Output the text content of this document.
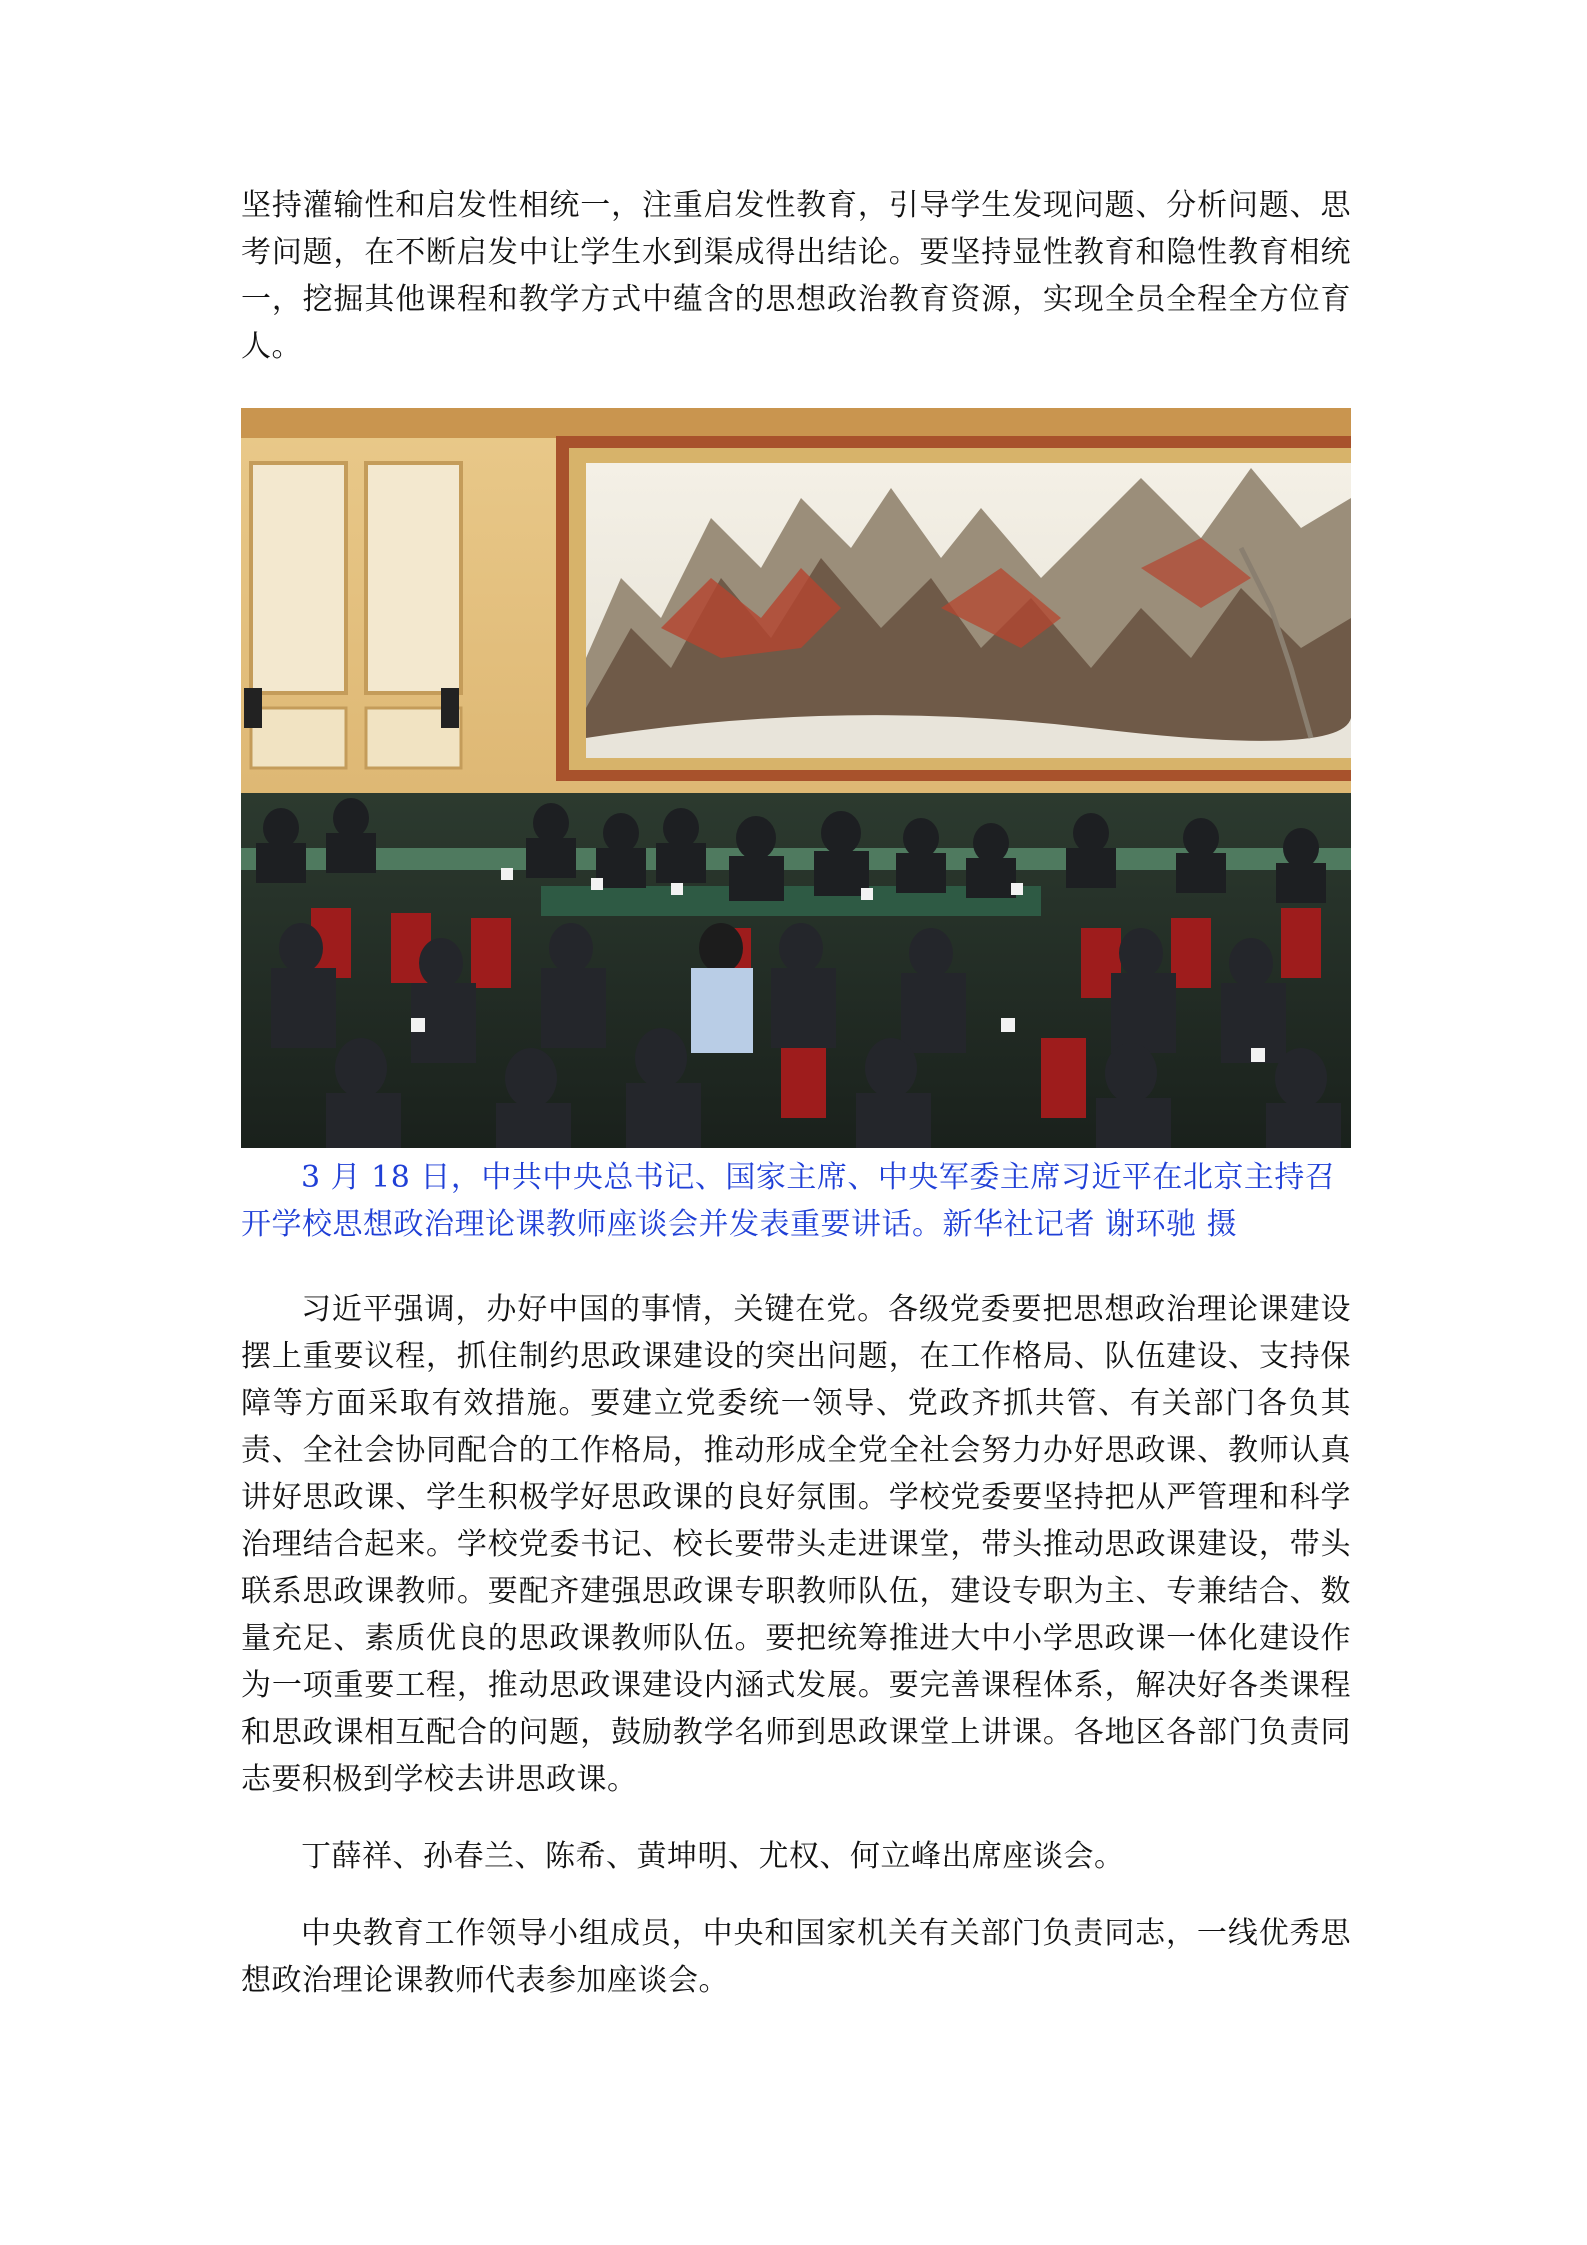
坚持灌输性和启发性相统一，注重启发性教育，引导学生发现问题、分析问题、思考问题，在不断启发中让学生水到渠成得出结论。要坚持显性教育和隐性教育相统一，挖掘其他课程和教学方式中蕴含的思想政治教育资源，实现全员全程全方位育人。

3 月 18 日，中共中央总书记、国家主席、中央军委主席习近平在北京主持召开学校思想政治理论课教师座谈会并发表重要讲话。新华社记者 谢环驰 摄

习近平强调，办好中国的事情，关键在党。各级党委要把思想政治理论课建设摆上重要议程，抓住制约思政课建设的突出问题，在工作格局、队伍建设、支持保障等方面采取有效措施。要建立党委统一领导、党政齐抓共管、有关部门各负其责、全社会协同配合的工作格局，推动形成全党全社会努力办好思政课、教师认真讲好思政课、学生积极学好思政课的良好氛围。学校党委要坚持把从严管理和科学治理结合起来。学校党委书记、校长要带头走进课堂，带头推动思政课建设，带头联系思政课教师。要配齐建强思政课专职教师队伍，建设专职为主、专兼结合、数量充足、素质优良的思政课教师队伍。要把统筹推进大中小学思政课一体化建设作为一项重要工程，推动思政课建设内涵式发展。要完善课程体系，解决好各类课程和思政课相互配合的问题，鼓励教学名师到思政课堂上讲课。各地区各部门负责同志要积极到学校去讲思政课。

丁薛祥、孙春兰、陈希、黄坤明、尤权、何立峰出席座谈会。

中央教育工作领导小组成员，中央和国家机关有关部门负责同志，一线优秀思想政治理论课教师代表参加座谈会。
